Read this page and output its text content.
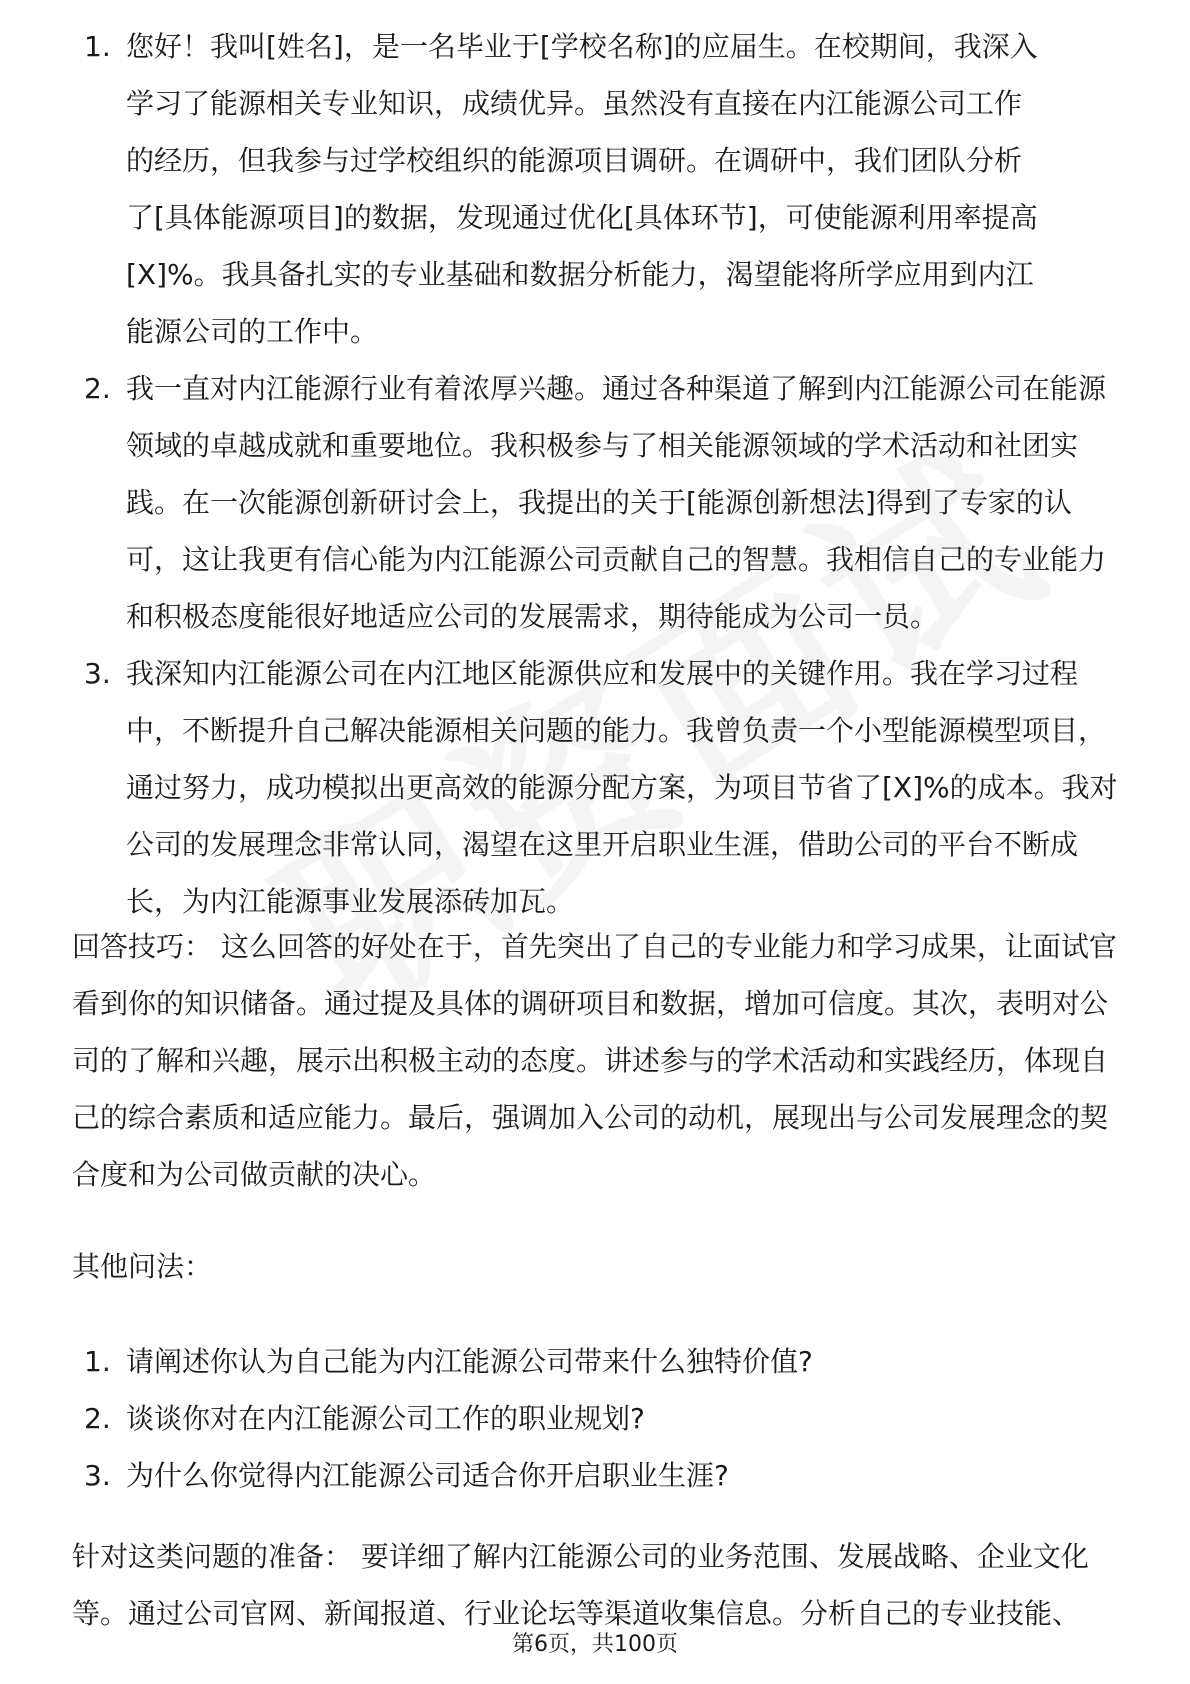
1. 您好！我叫[姓名]，是一名毕业于[学校名称]的应届生。在校期间，我深入学习了能源相关专业知识，成绩优异。虽然没有直接在内江能源公司工作的经历，但我参与过学校组织的能源项目调研。在调研中，我们团队分析了[具体能源项目]的数据，发现通过优化[具体环节]，可使能源利用率提高[X]%。我具备扎实的专业基础和数据分析能力，渴望能将所学应用到内江能源公司的工作中。
2. 我一直对内江能源行业有着浓厚兴趣。通过各种渠道了解到内江能源公司在能源领域的卓越成就和重要地位。我积极参与了相关能源领域的学术活动和社团实践。在一次能源创新研讨会上，我提出的关于[能源创新想法]得到了专家的认可，这让我更有信心能为内江能源公司贡献自己的智慧。我相信自己的专业能力和积极态度能很好地适应公司的发展需求，期待能成为公司一员。
3. 我深知内江能源公司在内江地区能源供应和发展中的关键作用。我在学习过程中，不断提升自己解决能源相关问题的能力。我曾负责一个小型能源模型项目，通过努力，成功模拟出更高效的能源分配方案，为项目节省了[X]%的成本。我对公司的发展理念非常认同，渴望在这里开启职业生涯，借助公司的平台不断成长，为内江能源事业发展添砖加瓦。
回答技巧： 这么回答的好处在于，首先突出了自己的专业能力和学习成果，让面试官看到你的知识储备。通过提及具体的调研项目和数据，增加可信度。其次，表明对公司的了解和兴趣，展示出积极主动的态度。讲述参与的学术活动和实践经历，体现自己的综合素质和适应能力。最后，强调加入公司的动机，展现出与公司发展理念的契合度和为公司做贡献的决心。
其他问法：
1. 请阐述你认为自己能为内江能源公司带来什么独特价值?
2. 谈谈你对在内江能源公司工作的职业规划?
3. 为什么你觉得内江能源公司适合你开启职业生涯?
针对这类问题的准备： 要详细了解内江能源公司的业务范围、发展战略、企业文化等。通过公司官网、新闻报道、行业论坛等渠道收集信息。分析自己的专业技能、
第6页，共100页
